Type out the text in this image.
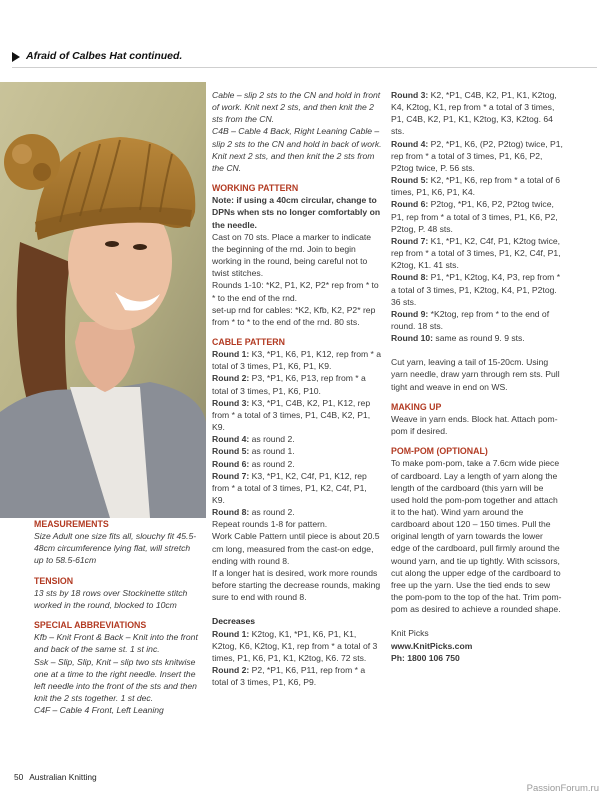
Afraid of Calbes Hat continued.
MEASUREMENTS
Size Adult one size fits all, slouchy fit 45.5-48cm circumference lying flat, will stretch up to 58.5-61cm
TENSION
13 sts by 18 rows over Stockinette stitch worked in the round, blocked to 10cm
SPECIAL ABBREVIATIONS
Kfb – Knit Front & Back – Knit into the front and back of the same st. 1 st inc.
Ssk – Slip, Slip, Knit – slip two sts knitwise one at a time to the right needle. Insert the left needle into the front of the sts and then knit the 2 sts together. 1 st dec.
C4F – Cable 4 Front, Left Leaning
Cable – slip 2 sts to the CN and hold in front of work. Knit next 2 sts, and then knit the 2 sts from the CN.
C4B – Cable 4 Back, Right Leaning Cable – slip 2 sts to the CN and hold in back of work. Knit next 2 sts, and then knit the 2 sts from the CN.
WORKING PATTERN
Note: if using a 40cm circular, change to DPNs when sts no longer comfortably on the needle.
Cast on 70 sts. Place a marker to indicate the beginning of the rnd. Join to begin working in the round, being careful not to twist stitches.
Rounds 1-10: *K2, P1, K2, P2* rep from * to * to the end of the rnd.
set-up rnd for cables: *K2, Kfb, K2, P2* rep from * to * to the end of the rnd. 80 sts.
CABLE PATTERN
Round 1: K3, *P1, K6, P1, K12, rep from * a total of 3 times, P1, K6, P1, K9.
Round 2: P3, *P1, K6, P13, rep from * a total of 3 times, P1, K6, P10.
Round 3: K3, *P1, C4B, K2, P1, K12, rep from * a total of 3 times, P1, C4B, K2, P1, K9.
Round 4: as round 2.
Round 5: as round 1.
Round 6: as round 2.
Round 7: K3, *P1, K2, C4f, P1, K12, rep from * a total of 3 times, P1, K2, C4f, P1, K9.
Round 8: as round 2.
Repeat rounds 1-8 for pattern.
Work Cable Pattern until piece is about 20.5 cm long, measured from the cast-on edge, ending with round 8.
If a longer hat is desired, work more rounds before starting the decrease rounds, making sure to end with round 8.
Decreases
Round 1: K2tog, K1, *P1, K6, P1, K1, K2tog, K6, K2tog, K1, rep from * a total of 3 times, P1, K6, P1, K1, K2tog, K6. 72 sts.
Round 2: P2, *P1, K6, P11, rep from * a total of 3 times, P1, K6, P9.
Round 3: K2, *P1, C4B, K2, P1, K1, K2tog, K4, K2tog, K1, rep from * a total of 3 times, P1, C4B, K2, P1, K1, K2tog, K3, K2tog. 64 sts.
Round 4: P2, *P1, K6, (P2, P2tog) twice, P1, rep from * a total of 3 times, P1, K6, P2, P2tog twice, P. 56 sts.
Round 5: K2, *P1, K6, rep from * a total of 6 times, P1, K6, P1, K4.
Round 6: P2tog, *P1, K6, P2, P2tog twice, P1, rep from * a total of 3 times, P1, K6, P2, P2tog, P. 48 sts.
Round 7: K1, *P1, K2, C4f, P1, K2tog twice, rep from * a total of 3 times, P1, K2, C4f, P1, K2tog, K1. 41 sts.
Round 8: P1, *P1, K2tog, K4, P3, rep from * a total of 3 times, P1, K2tog, K4, P1, P2tog. 36 sts.
Round 9: *K2tog, rep from * to the end of round. 18 sts.
Round 10: same as round 9. 9 sts.
Cut yarn, leaving a tail of 15-20cm. Using yarn needle, draw yarn through rem sts. Pull tight and weave in end on WS.
MAKING UP
Weave in yarn ends. Block hat. Attach pom-pom if desired.
POM-POM (OPTIONAL)
To make pom-pom, take a 7.6cm wide piece of cardboard. Lay a length of yarn along the length of the cardboard (this yarn will be used hold the pom-pom together and attach it to the hat). Wind yarn around the cardboard about 120 – 150 times. Pull the original length of yarn towards the lower edge of the cardboard, pull firmly around the wound yarn, and tie up tightly. With scissors, cut along the upper edge of the cardboard to free up the yarn. Use the tied ends to sew the pom-pom to the top of the hat. Trim pom-pom as desired to achieve a rounded shape.
Knit Picks
www.KnitPicks.com
Ph: 1800 106 750
50 Australian Knitting
PassionForum.ru
